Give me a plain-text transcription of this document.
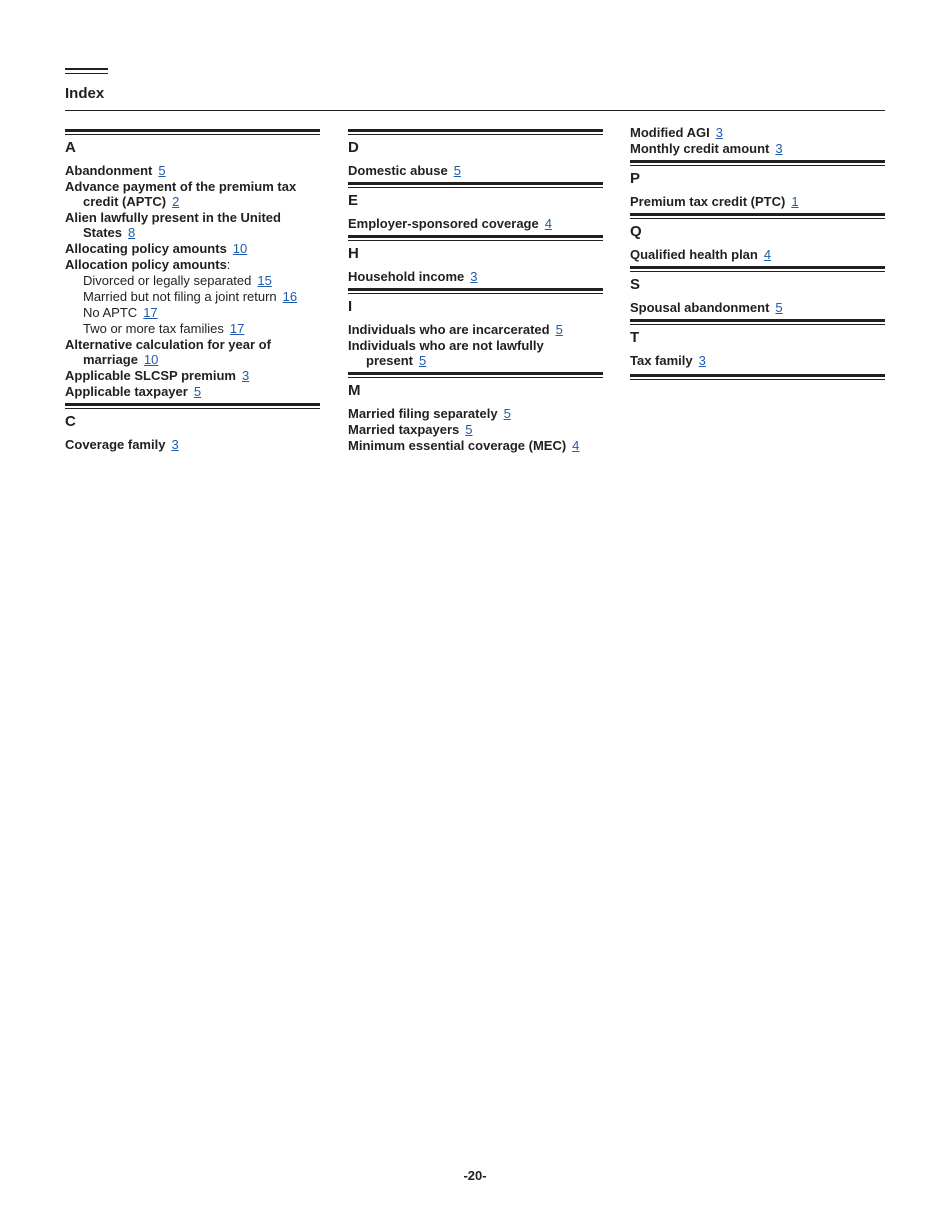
Index
A
Abandonment 5
Advance payment of the premium tax credit (APTC) 2
Alien lawfully present in the United States 8
Allocating policy amounts 10
Allocation policy amounts:
Divorced or legally separated 15
Married but not filing a joint return 16
No APTC 17
Two or more tax families 17
Alternative calculation for year of marriage 10
Applicable SLCSP premium 3
Applicable taxpayer 5
C
Coverage family 3
D
Domestic abuse 5
E
Employer-sponsored coverage 4
H
Household income 3
I
Individuals who are incarcerated 5
Individuals who are not lawfully present 5
M
Married filing separately 5
Married taxpayers 5
Minimum essential coverage (MEC) 4
Modified AGI 3
Monthly credit amount 3
P
Premium tax credit (PTC) 1
Q
Qualified health plan 4
S
Spousal abandonment 5
T
Tax family 3
-20-
